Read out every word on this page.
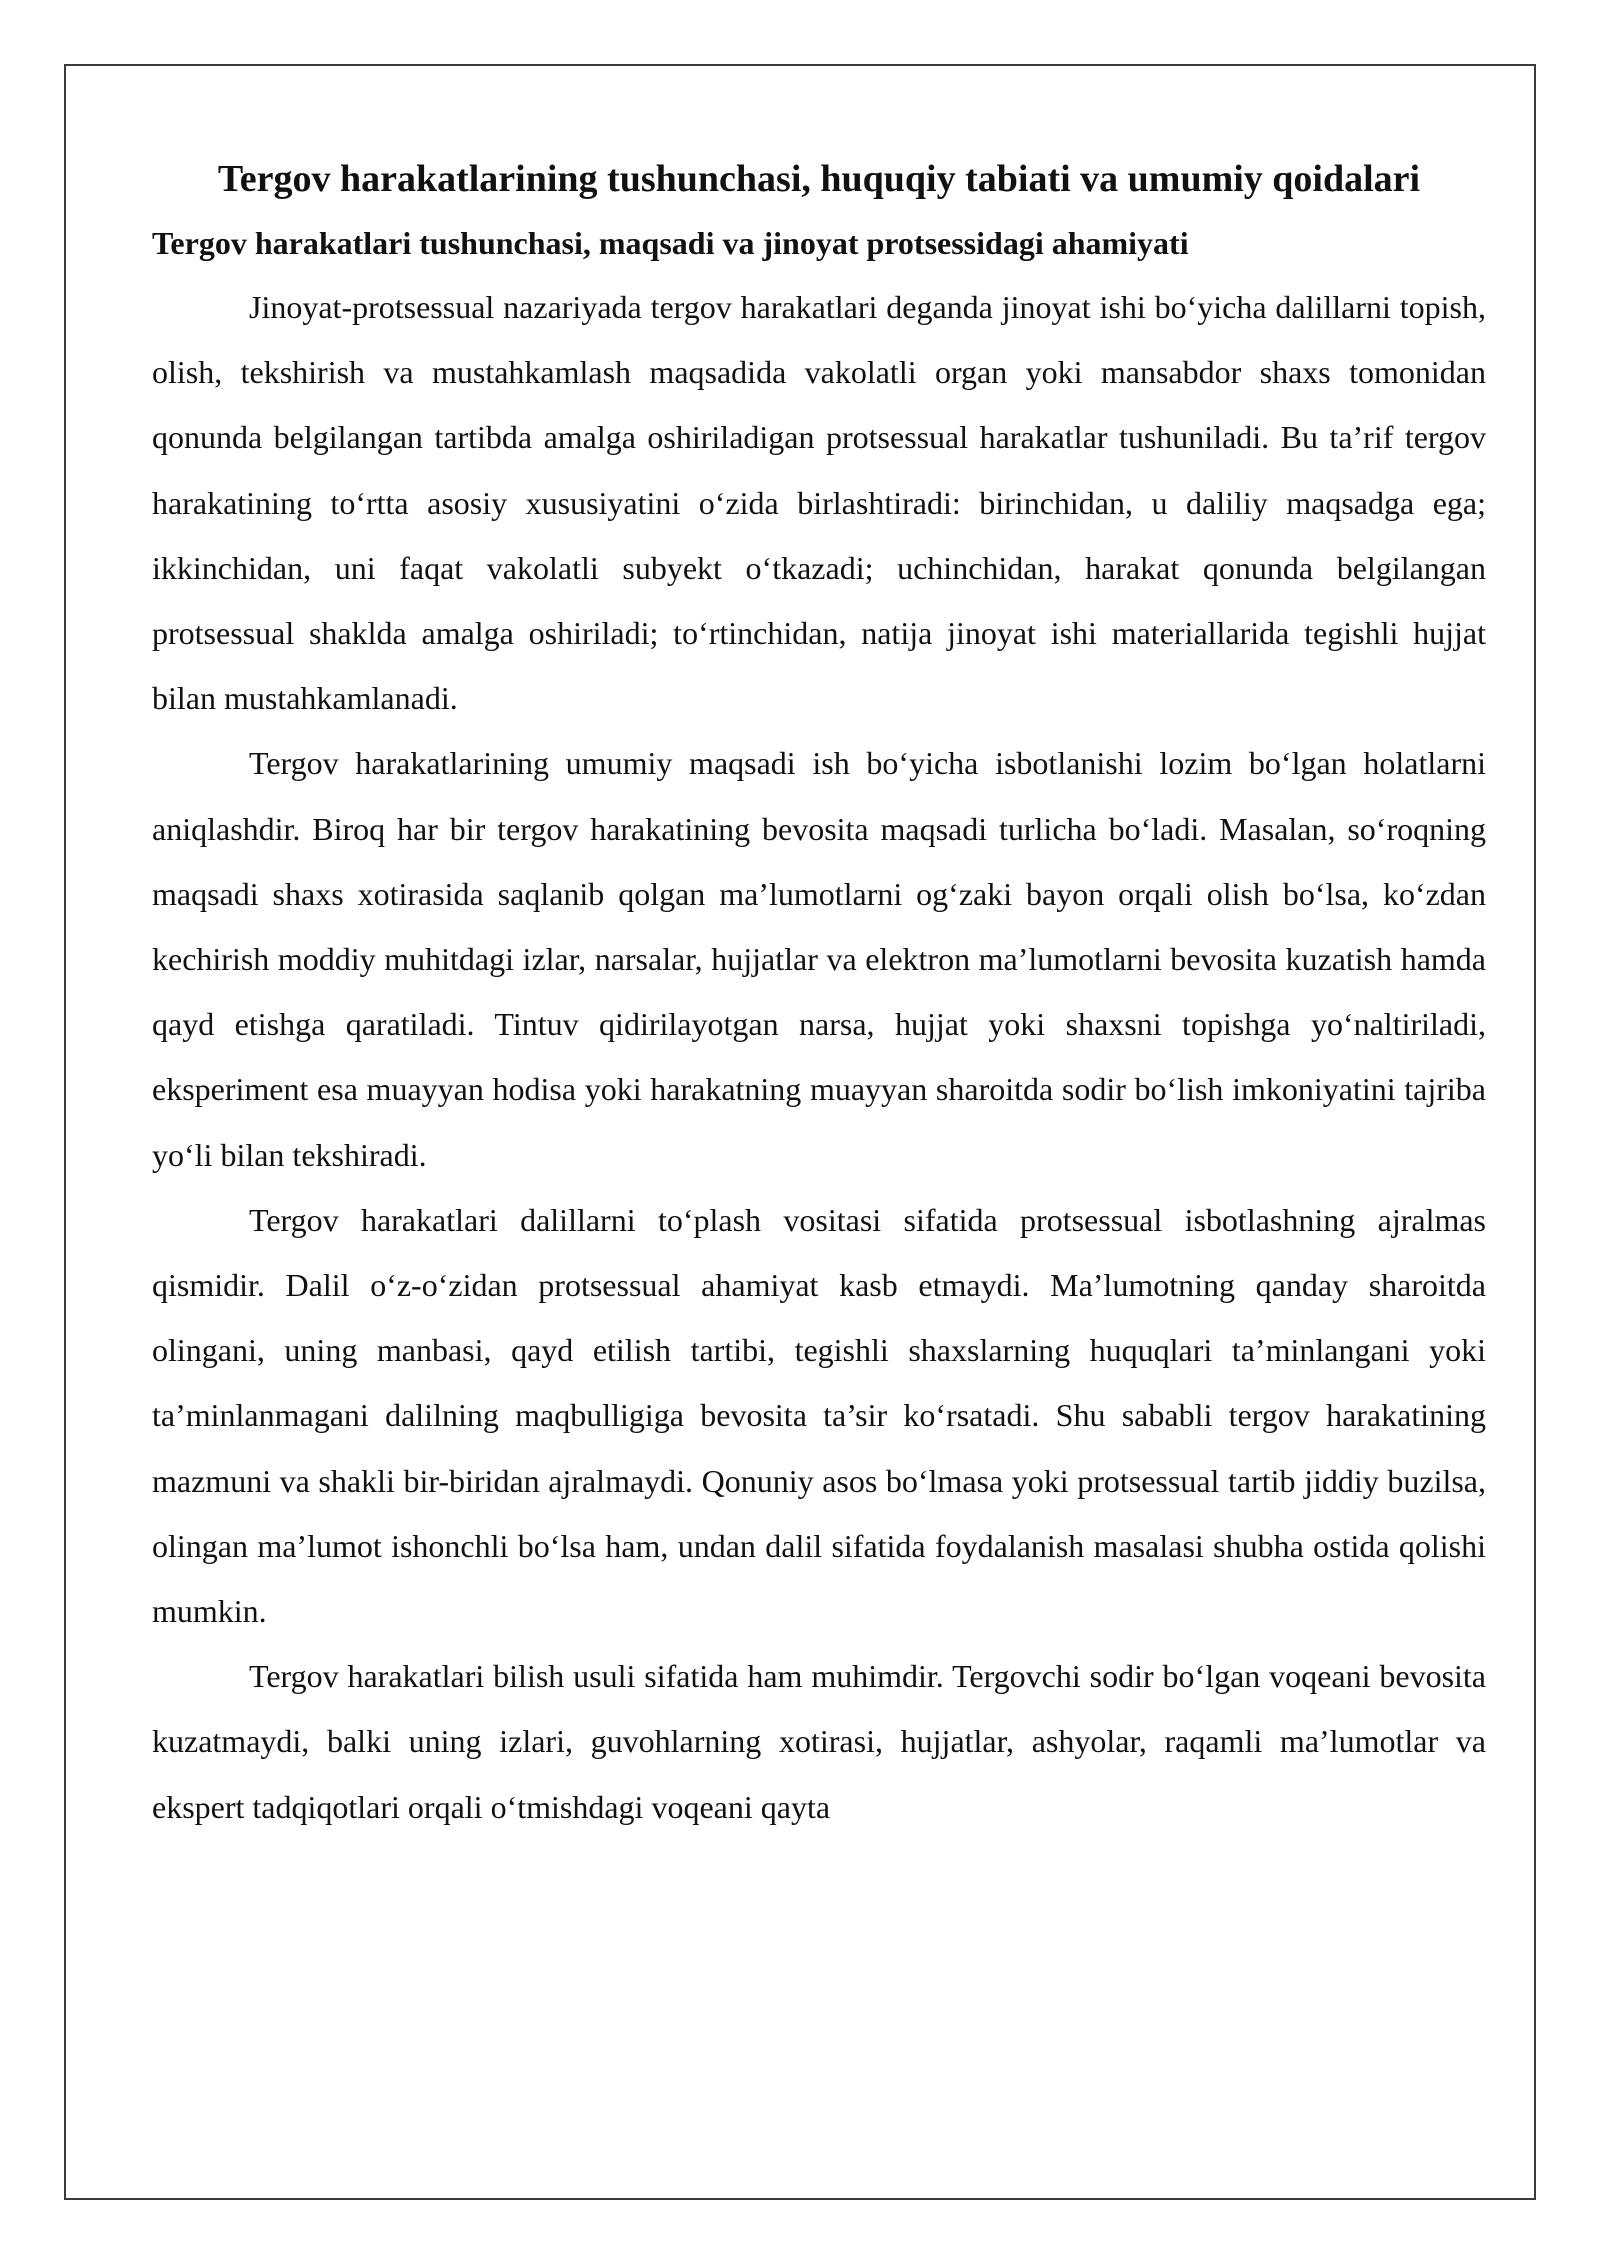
Tergov harakatlarining tushunchasi, huquqiy tabiati va umumiy qoidalari
Tergov harakatlari tushunchasi, maqsadi va jinoyat protsessidagi ahamiyati

Jinoyat-protsessual nazariyada tergov harakatlari deganda jinoyat ishi bo‘yicha dalillarni topish, olish, tekshirish va mustahkamlash maqsadida vakolatli organ yoki mansabdor shaxs tomonidan qonunda belgilangan tartibda amalga oshiriladigan protsessual harakatlar tushuniladi. Bu ta’rif tergov harakatining to‘rtta asosiy xususiyatini o‘zida birlashtiradi: birinchidan, u daliliy maqsadga ega; ikkinchidan, uni faqat vakolatli subyekt o‘tkazadi; uchinchidan, harakat qonunda belgilangan protsessual shaklda amalga oshiriladi; to‘rtinchidan, natija jinoyat ishi materiallarida tegishli hujjat bilan mustahkamlanadi.

Tergov harakatlarining umumiy maqsadi ish bo‘yicha isbotlanishi lozim bo‘lgan holatlarni aniqlashdir. Biroq har bir tergov harakatining bevosita maqsadi turlicha bo‘ladi. Masalan, so‘roqning maqsadi shaxs xotirasida saqlanib qolgan ma’lumotlarni og‘zaki bayon orqali olish bo‘lsa, ko‘zdan kechirish moddiy muhitdagi izlar, narsalar, hujjatlar va elektron ma’lumotlarni bevosita kuzatish hamda qayd etishga qaratiladi. Tintuv qidirilayotgan narsa, hujjat yoki shaxsni topishga yo‘naltiriladi, eksperiment esa muayyan hodisa yoki harakatning muayyan sharoitda sodir bo‘lish imkoniyatini tajriba yo‘li bilan tekshiradi.

Tergov harakatlari dalillarni to‘plash vositasi sifatida protsessual isbotlashning ajralmas qismidir. Dalil o‘z-o‘zidan protsessual ahamiyat kasb etmaydi. Ma’lumotning qanday sharoitda olingani, uning manbasi, qayd etilish tartibi, tegishli shaxslarning huquqlari ta’minlangani yoki ta’minlanmagani dalilning maqbulligiga bevosita ta’sir ko‘rsatadi. Shu sababli tergov harakatining mazmuni va shakli bir-biridan ajralmaydi. Qonuniy asos bo‘lmasa yoki protsessual tartib jiddiy buzilsa, olingan ma’lumot ishonchli bo‘lsa ham, undan dalil sifatida foydalanish masalasi shubha ostida qolishi mumkin.

Tergov harakatlari bilish usuli sifatida ham muhimdir. Tergovchi sodir bo‘lgan voqeani bevosita kuzatmaydi, balki uning izlari, guvohlarning xotirasi, hujjatlar, ashyolar, raqamli ma’lumotlar va ekspert tadqiqotlari orqali o‘tmishdagi voqeani qayta
